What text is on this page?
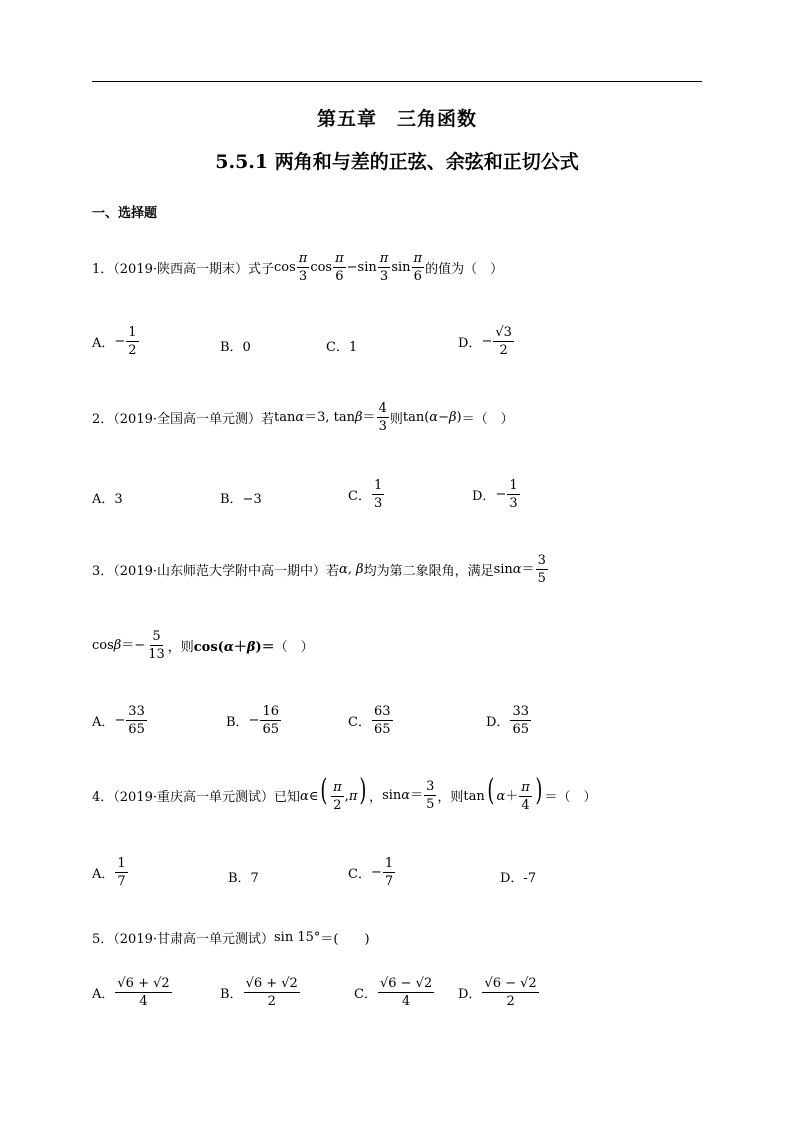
第五章　三角函数
5.5.1 两角和与差的正弦、余弦和正切公式
一、选择题
1．（2019·陕西高一期末）式子 $\cos \frac{\pi}{3}$ $\cos \frac{\pi}{6} -\sin \frac{\pi}{3}$ $\sin \frac{\pi}{6}$ 的值为（　）
A． − $\frac{1}{2}$	B．0	C．1	D． − $\frac{√3}{2}$
2．（2019·全国高一单元测）若 tanα＝3, $\tan\beta= \frac{4}{3}$ 则 tan(α−β) ＝（　）
A．3	B．−3	C． $\frac{1}{3}$	D． − $\frac{1}{3}$
3．（2019·山东师范大学附中高一期中）若 α, β 均为第二象限角，满足 $\sin\alpha= \frac{3}{5}$
$\cos\beta=- \frac{5}{13}$ ，则 cos(α＋β)＝ （　）
A． − $\frac{33}{65}$	B． − $\frac{16}{65}$	C． $\frac{63}{65}$	D． $\frac{33}{65}$
4．（2019·重庆高一单元测试）已知 α∈( $\frac{\pi}{2} ,\pi$) ， $\sin\alpha= \frac{3}{5}$ ，则 tan( $\alpha+ \frac{\pi}{4}$ ) ＝（　）
A． $\frac{1}{7}$	B．7	C． − $\frac{1}{7}$	D．-7
5．（2019·甘肃高一单元测试） sin 15° ＝(　　)
A． $\frac{√6 + √2}{4}$	B． $\frac{√6 + √2}{2}$	C． $\frac{√6 - √2}{4}$ D． $\frac{√6 - √2}{2}$
